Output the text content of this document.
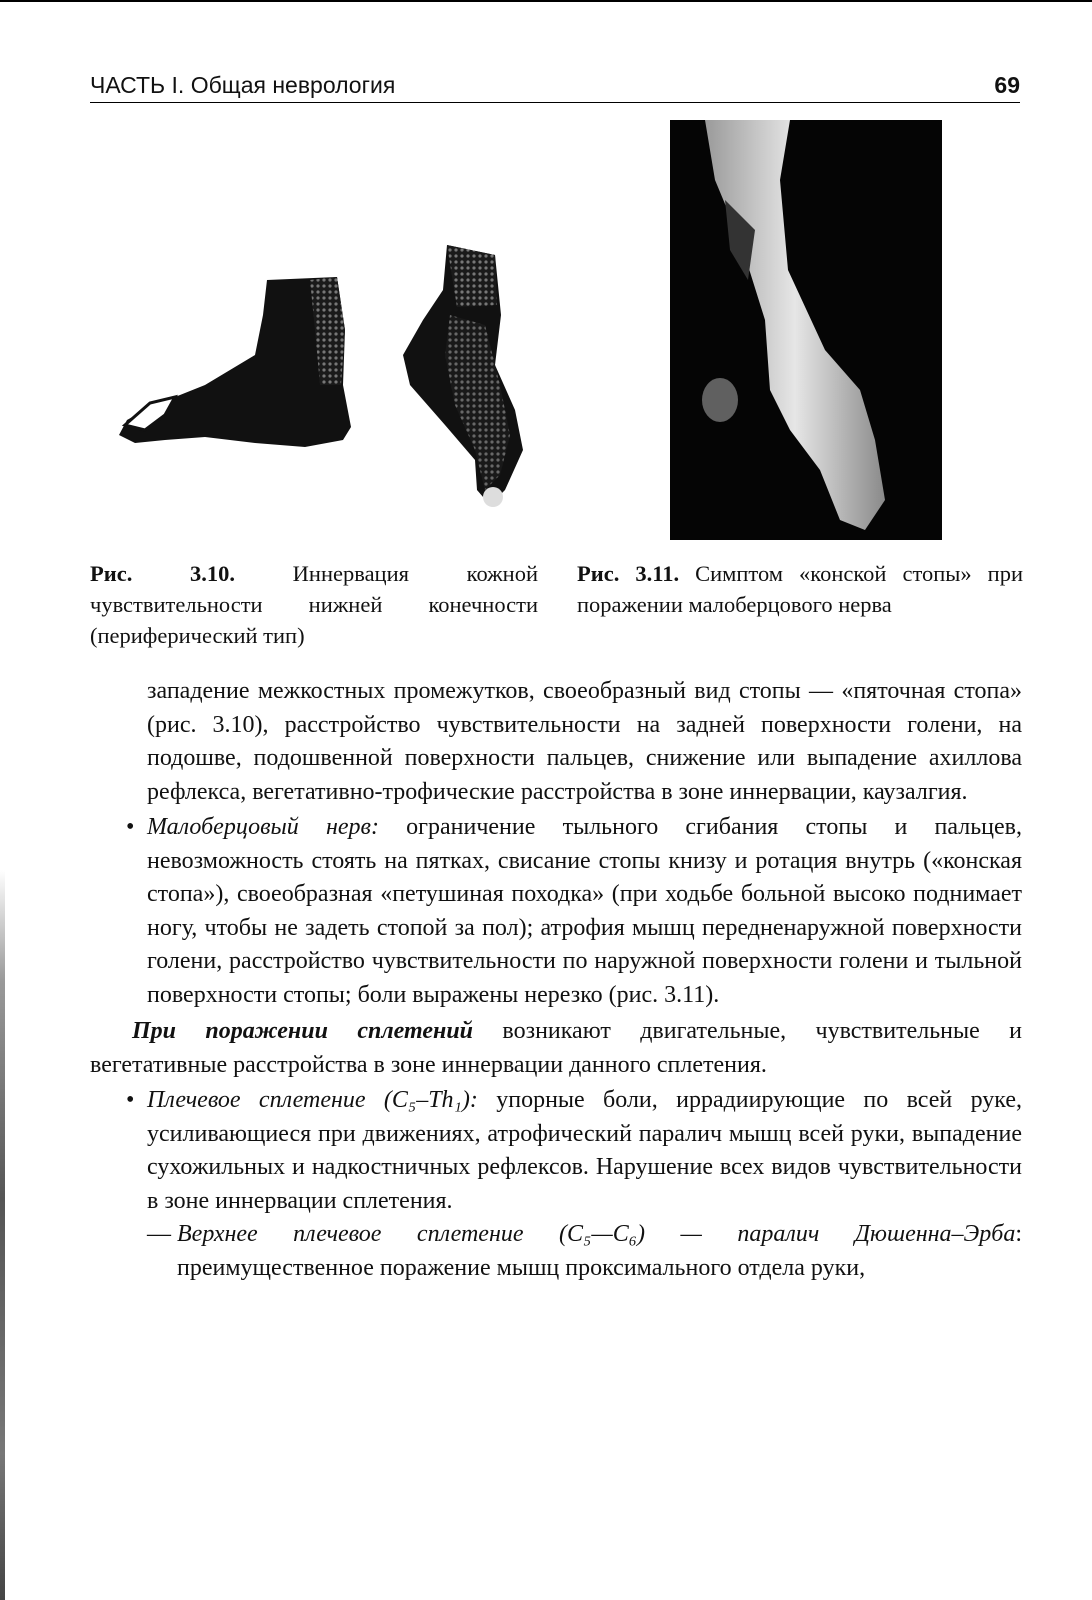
ЧАСТЬ I. Общая неврология	69
Рис. 3.10.	Иннервация кожной чувствительности нижней конечности (периферический тип)
Рис. 3.11. Симптом «конской стопы» при поражении малоберцового нерва

западение межкостных промежутков, своеобразный вид стопы — «пяточная стопа» (рис. 3.10), расстройство чувствительности на задней поверхности голени, на подошве, подошвенной поверхности пальцев, снижение или выпадение ахиллова рефлекса, вегетативно-трофические расстройства в зоне иннервации, каузалгия.

• Малоберцовый нерв: ограничение тыльного сгибания стопы и пальцев, невозможность стоять на пятках, свисание стопы книзу и ротация внутрь («конская стопа»), своеобразная «петушиная походка» (при ходьбе больной высоко поднимает ногу, чтобы не задеть стопой за пол); атрофия мышц передненаружной поверхности голени, расстройство чувствительности по наружной поверхности голени и тыльной поверхности стопы; боли выражены нерезко (рис. 3.11).

При поражении сплетений возникают двигательные, чувствительные и вегетативные расстройства в зоне иннервации данного сплетения.

• Плечевое сплетение (C₅–Th₁): упорные боли, иррадиирующие по всей руке, усиливающиеся при движениях, атрофический паралич мышц всей руки, выпадение сухожильных и надкостничных рефлексов. Нарушение всех видов чувствительности в зоне иннервации сплетения.

— Верхнее плечевое сплетение (C₅—C₆) — паралич Дюшенна–Эрба: преимущественное поражение мышц проксимального отдела руки,
